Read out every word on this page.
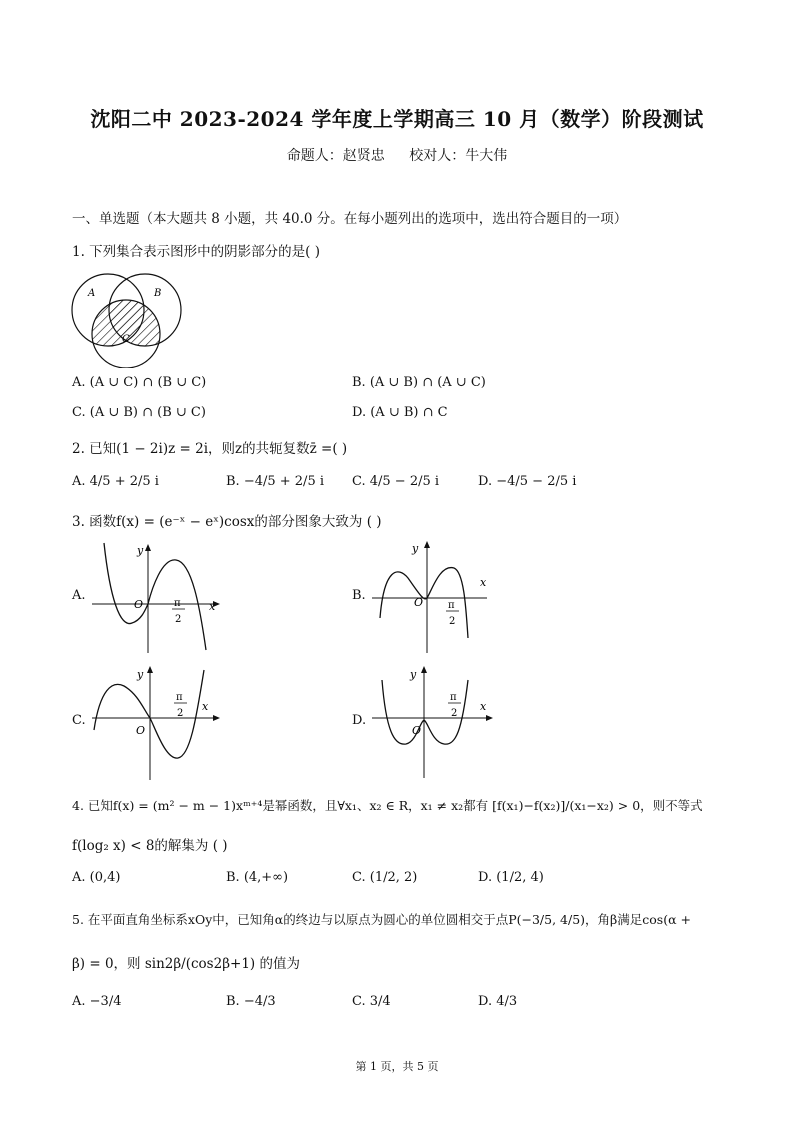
沈阳二中 2023-2024 学年度上学期高三 10 月（数学）阶段测试
命题人：赵贤忠 校对人：牛大伟
一、单选题（本大题共 8 小题，共 40.0 分。在每小题列出的选项中，选出符合题目的一项）
1. 下列集合表示图形中的阴影部分的是( )
A	B
C
A. (A ∪ C) ∩ (B ∪ C)	B. (A ∪ B) ∩ (A ∪ C)
C. (A ∪ B) ∩ (B ∪ C)	D. (A ∪ B) ∩ C
2. 已知(1 − 2i)z = 2i，则z的共轭复数z̄ =( )
A. 4/5 + 2/5 i	B. −4/5 + 2/5 i C. 4/5 − 2/5 i	D. −4/5 − 2/5 i
3. 函数f(x) = (e⁻ˣ − eˣ)cosx的部分图象大致为 ( )
A.
y
x
O	π
2
B.
y
x
O π
2
C.
y
x
O
π
2	D.
y
x
O
π
2
4. 已知f(x) = (m² − m − 1)xᵐ⁺⁴是幂函数，且∀x₁、x₂ ∈ R，x₁ ≠ x₂都有 [f(x₁)−f(x₂)]/(x₁−x₂) > 0，则不等式
f(log₂ x) < 8的解集为 ( )
A. (0,4)	B. (4,+∞)	C. (1/2, 2)	D. (1/2, 4)
5. 在平面直角坐标系xOy中，已知角α的终边与以原点为圆心的单位圆相交于点P(−3/5, 4/5)，角β满足cos(α +
β) = 0，则 sin2β/(cos2β+1) 的值为
A. −3/4	B. −4/3	C. 3/4	D. 4/3
第 1 页，共 5 页
